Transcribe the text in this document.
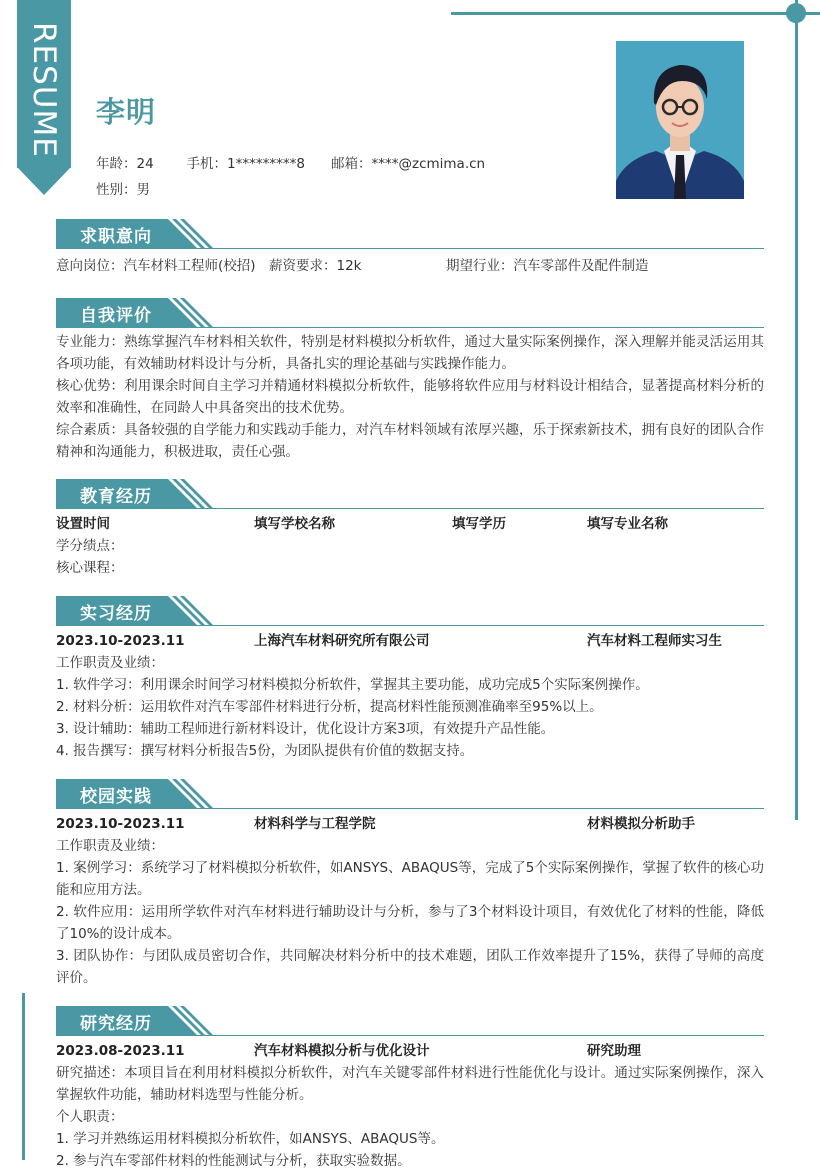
RESUME 李明
年龄：24 手机：1*********8 邮箱：****@zcmima.cn
性别：男
求职意向
意向岗位：汽车材料工程师(校招) 薪资要求：12k	期望行业：汽车零部件及配件制造
自我评价

专业能力：熟练掌握汽车材料相关软件，特别是材料模拟分析软件，通过大量实际案例操作，深入理解并能灵活运用其各项功能，有效辅助材料设计与分析，具备扎实的理论基础与实践操作能力。

核心优势：利用课余时间自主学习并精通材料模拟分析软件，能够将软件应用与材料设计相结合，显著提高材料分析的效率和准确性，在同龄人中具备突出的技术优势。

综合素质：具备较强的自学能力和实践动手能力，对汽车材料领域有浓厚兴趣，乐于探索新技术，拥有良好的团队合作精神和沟通能力，积极进取，责任心强。

教育经历
设置时间	填写学校名称	填写学历	填写专业名称
学分绩点：
核心课程：
实习经历
2023.10-2023.11	上海汽车材料研究所有限公司	汽车材料工程师实习生
工作职责及业绩：
1. 软件学习：利用课余时间学习材料模拟分析软件，掌握其主要功能，成功完成5个实际案例操作。
2. 材料分析：运用软件对汽车零部件材料进行分析，提高材料性能预测准确率至95%以上。
3. 设计辅助：辅助工程师进行新材料设计，优化设计方案3项，有效提升产品性能。
4. 报告撰写：撰写材料分析报告5份，为团队提供有价值的数据支持。
校园实践
2023.10-2023.11	材料科学与工程学院	材料模拟分析助手
工作职责及业绩：

1. 案例学习：系统学习了材料模拟分析软件，如ANSYS、ABAQUS等，完成了5个实际案例操作，掌握了软件的核心功能和应用方法。

2. 软件应用：运用所学软件对汽车材料进行辅助设计与分析，参与了3个材料设计项目，有效优化了材料的性能，降低了10%的设计成本。

3. 团队协作：与团队成员密切合作，共同解决材料分析中的技术难题，团队工作效率提升了15%，获得了导师的高度评价。

研究经历
2023.08-2023.11	汽车材料模拟分析与优化设计	研究助理

研究描述：本项目旨在利用材料模拟分析软件，对汽车关键零部件材料进行性能优化与设计。通过实际案例操作，深入掌握软件功能，辅助材料选型与性能分析。

个人职责：
1. 学习并熟练运用材料模拟分析软件，如ANSYS、ABAQUS等。
2. 参与汽车零部件材料的性能测试与分析，获取实验数据。
